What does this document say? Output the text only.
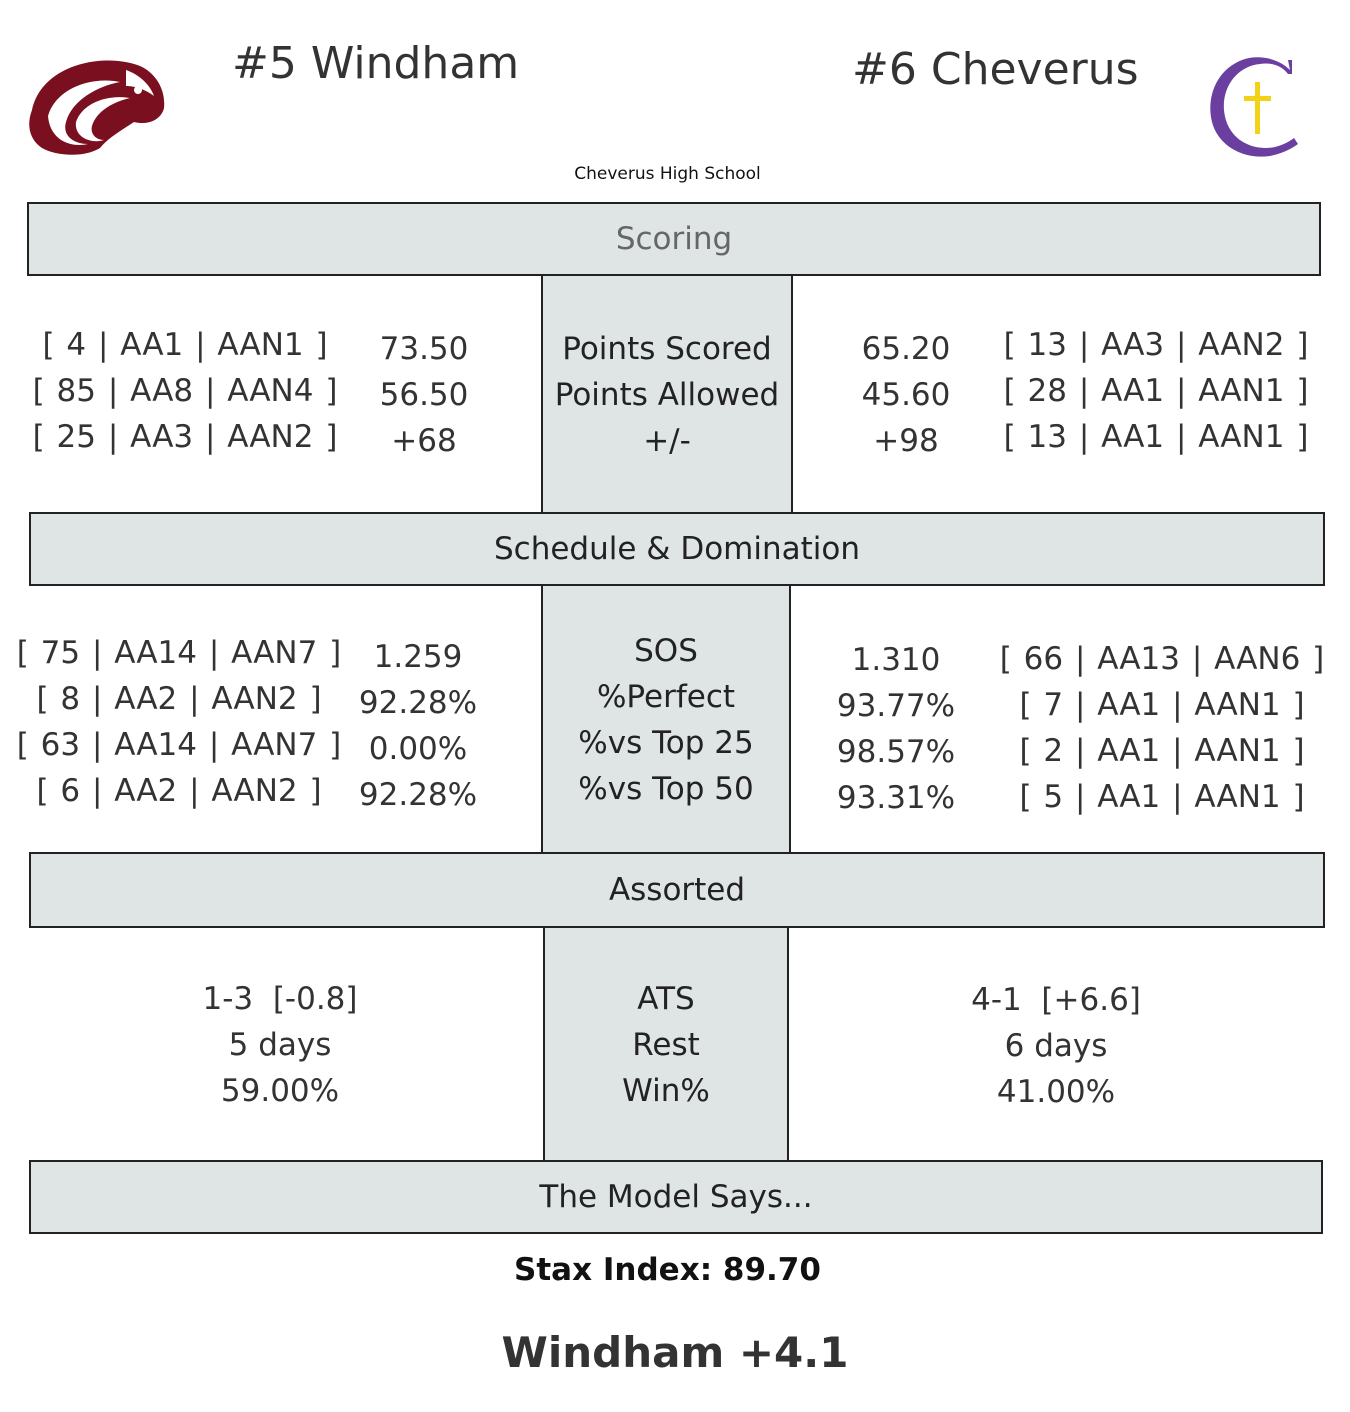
#5 Windham	#6 Cheverus
Cheverus High School
Scoring
Points Scored
Points Allowed
+/-
[ 4 | AA1 | AAN1 ]
[ 85 | AA8 | AAN4 ]
[ 25 | AA3 | AAN2 ]
73.50
56.50
+68
65.20
45.60
+98
[ 13 | AA3 | AAN2 ]
[ 28 | AA1 | AAN1 ]
[ 13 | AA1 | AAN1 ]
Schedule & Domination
SOS
%Perfect
%vs Top 25
%vs Top 50
[ 75 | AA14 | AAN7 ]
[ 8 | AA2 | AAN2 ]
[ 63 | AA14 | AAN7 ]
[ 6 | AA2 | AAN2 ]
1.259
92.28%
0.00%
92.28%
1.310
93.77%
98.57%
93.31%
[ 66 | AA13 | AAN6 ]
[ 7 | AA1 | AAN1 ]
[ 2 | AA1 | AAN1 ]
[ 5 | AA1 | AAN1 ]
Assorted
ATS
Rest
Win%
1-3  [-0.8]
5 days
59.00%
4-1  [+6.6]
6 days
41.00%
The Model Says...
Stax Index: 89.70
Windham +4.1
